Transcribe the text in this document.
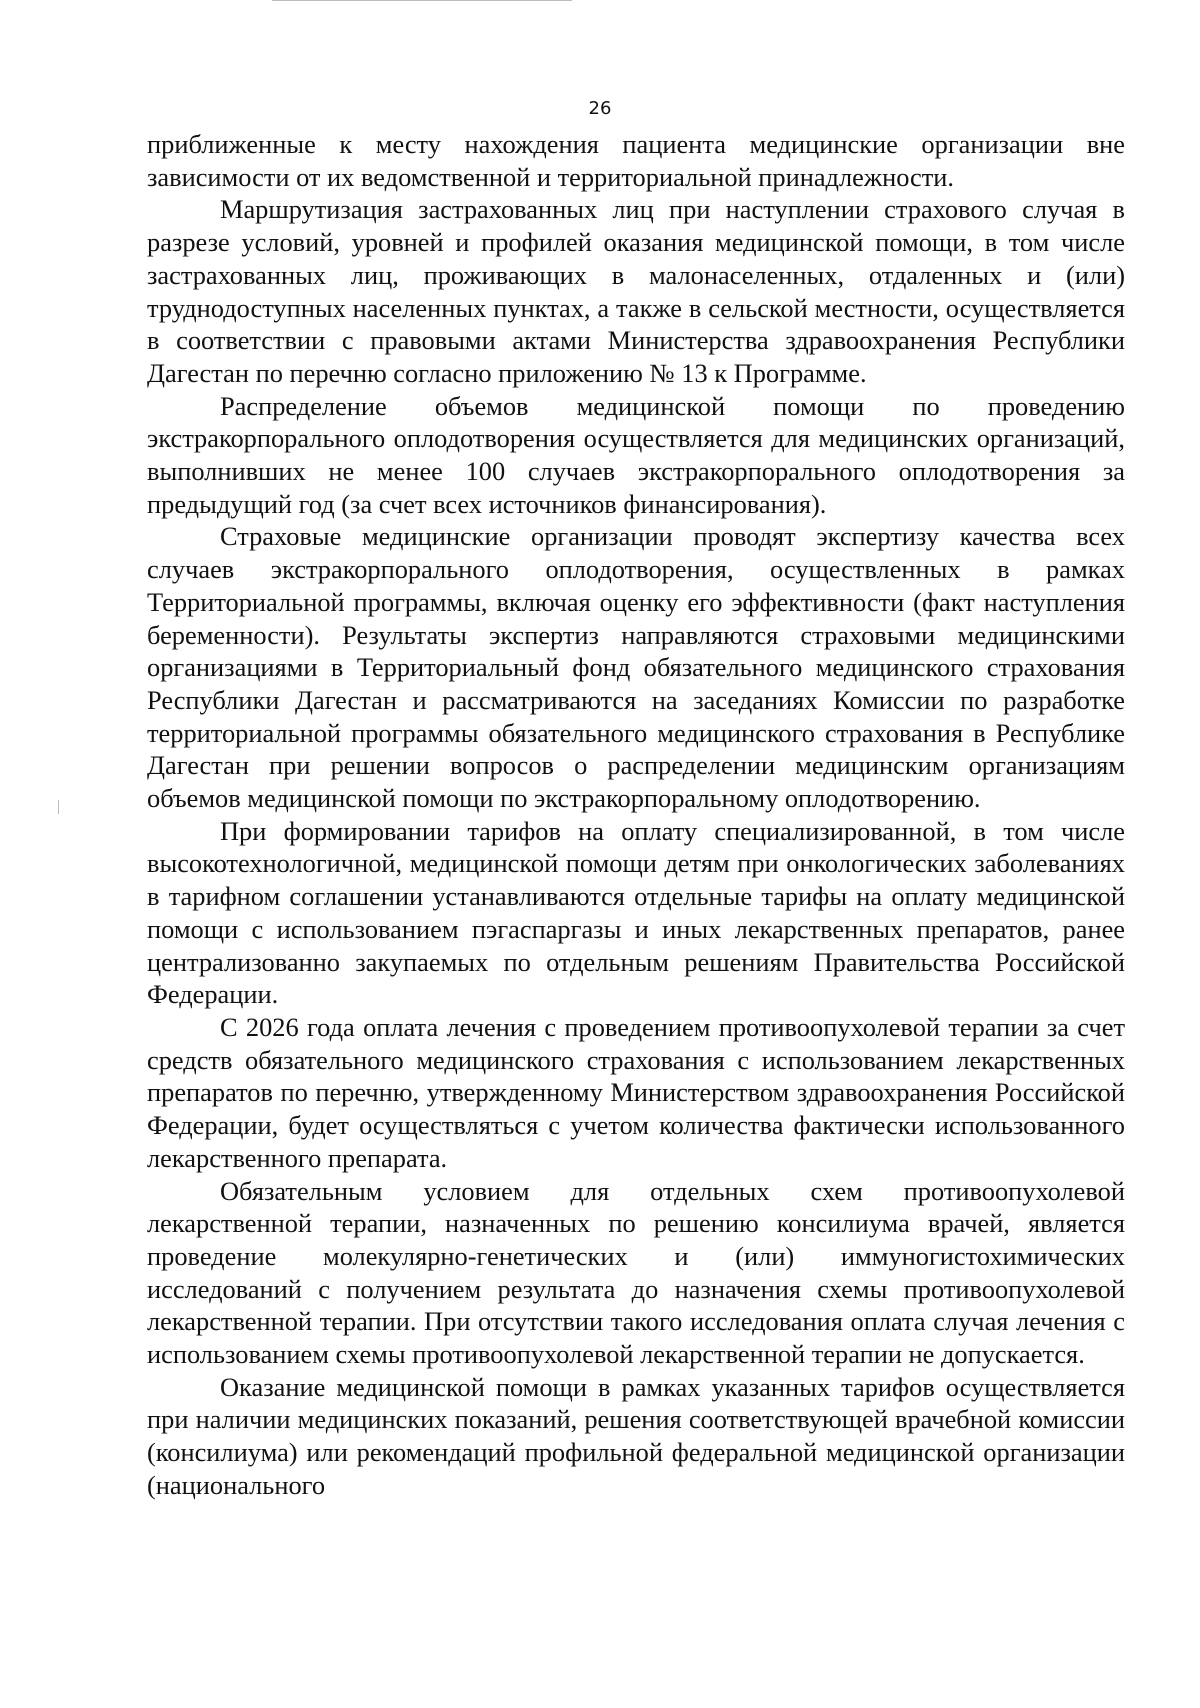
26

приближенные к месту нахождения пациента медицинские организации вне зависимости от их ведомственной и территориальной принадлежности.

Маршрутизация застрахованных лиц при наступлении страхового случая в разрезе условий, уровней и профилей оказания медицинской помощи, в том числе застрахованных лиц, проживающих в малонаселенных, отдаленных и (или) труднодоступных населенных пунктах, а также в сельской местности, осуществляется в соответствии с правовыми актами Министерства здравоохранения Республики Дагестан по перечню согласно приложению № 13 к Программе.

Распределение объемов медицинской помощи по проведению экстракорпорального оплодотворения осуществляется для медицинских организаций, выполнивших не менее 100 случаев экстракорпорального оплодотворения за предыдущий год (за счет всех источников финансирования).

Страховые медицинские организации проводят экспертизу качества всех случаев экстракорпорального оплодотворения, осуществленных в рамках Территориальной программы, включая оценку его эффективности (факт наступления беременности). Результаты экспертиз направляются страховыми медицинскими организациями в Территориальный фонд обязательного медицинского страхования Республики Дагестан и рассматриваются на заседаниях Комиссии по разработке территориальной программы обязательного медицинского страхования в Республике Дагестан при решении вопросов о распределении медицинским организациям объемов медицинской помощи по экстракорпоральному оплодотворению.

При формировании тарифов на оплату специализированной, в том числе высокотехнологичной, медицинской помощи детям при онкологических заболеваниях в тарифном соглашении устанавливаются отдельные тарифы на оплату медицинской помощи с использованием пэгаспаргазы и иных лекарственных препаратов, ранее централизованно закупаемых по отдельным решениям Правительства Российской Федерации.

С 2026 года оплата лечения с проведением противоопухолевой терапии за счет средств обязательного медицинского страхования с использованием лекарственных препаратов по перечню, утвержденному Министерством здравоохранения Российской Федерации, будет осуществляться с учетом количества фактически использованного лекарственного препарата.

Обязательным условием для отдельных схем противоопухолевой лекарственной терапии, назначенных по решению консилиума врачей, является проведение молекулярно-генетических и (или) иммуногистохимических исследований с получением результата до назначения схемы противоопухолевой лекарственной терапии. При отсутствии такого исследования оплата случая лечения с использованием схемы противоопухолевой лекарственной терапии не допускается.

Оказание медицинской помощи в рамках указанных тарифов осуществляется при наличии медицинских показаний, решения соответствующей врачебной комиссии (консилиума) или рекомендаций профильной федеральной медицинской организации (национального
